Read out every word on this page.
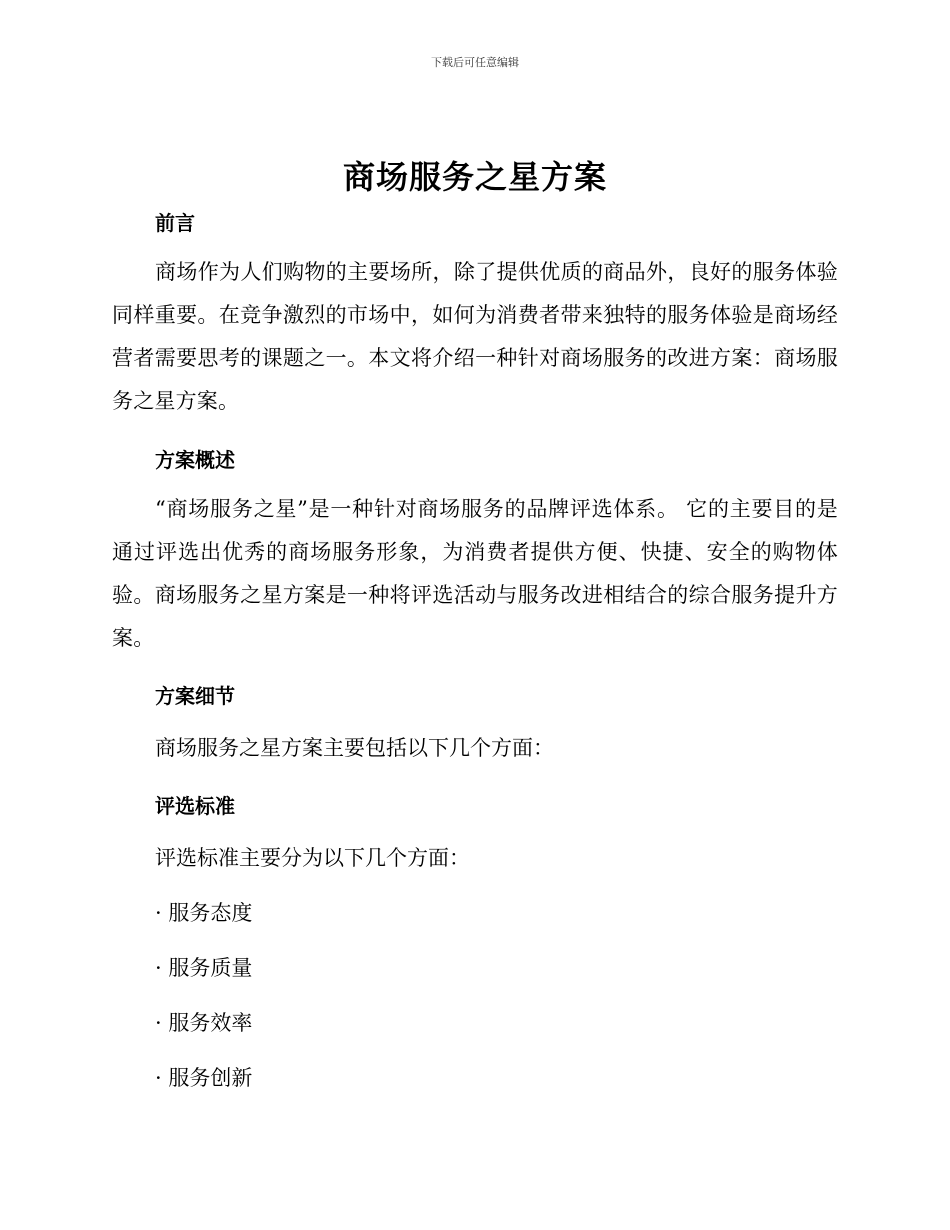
下载后可任意编辑
商场服务之星方案
前言
商场作为人们购物的主要场所，除了提供优质的商品外，良好的服务体验同样重要。在竞争激烈的市场中，如何为消费者带来独特的服务体验是商场经营者需要思考的课题之一。本文将介绍一种针对商场服务的改进方案：商场服务之星方案。
方案概述
“商场服务之星”是一种针对商场服务的品牌评选体系。 它的主要目的是通过评选出优秀的商场服务形象，为消费者提供方便、快捷、安全的购物体验。商场服务之星方案是一种将评选活动与服务改进相结合的综合服务提升方案。
方案细节
商场服务之星方案主要包括以下几个方面：
评选标准
评选标准主要分为以下几个方面：
· 服务态度
· 服务质量
· 服务效率
· 服务创新
